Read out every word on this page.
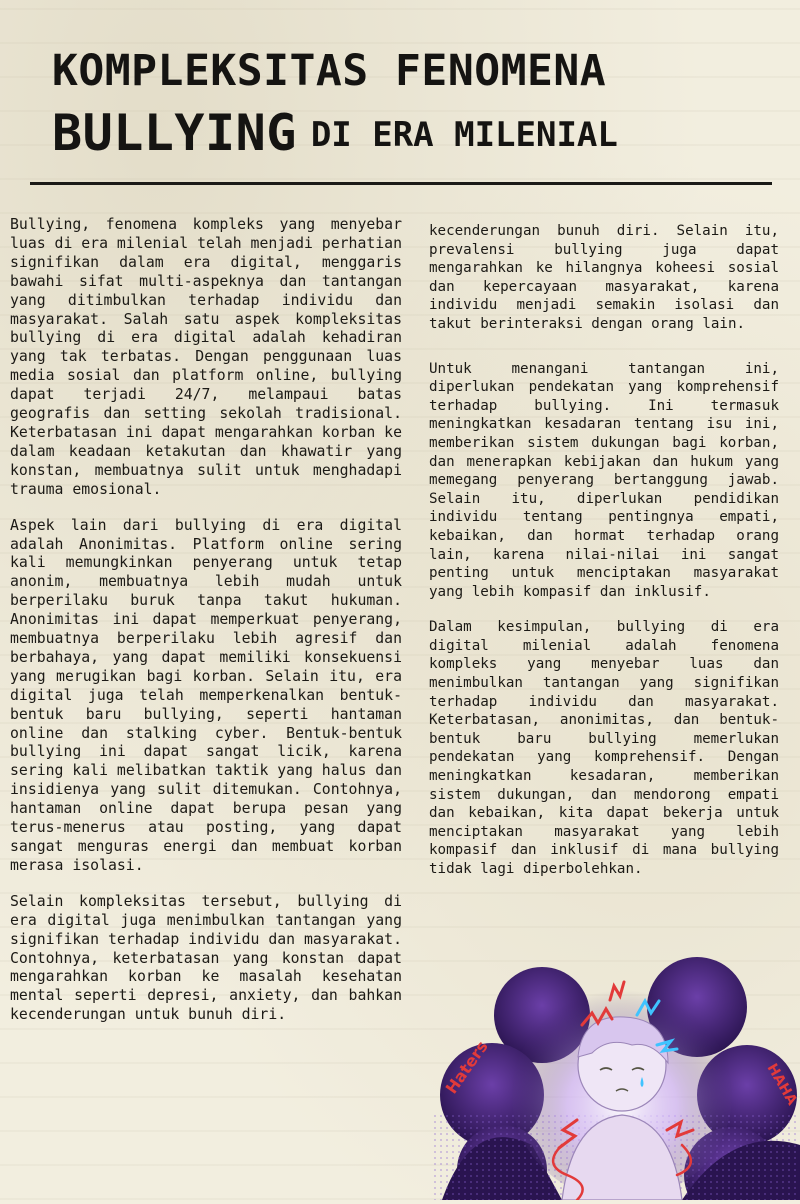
KOMPLEKSITAS FENOMENA
BULLYING DI ERA MILENIAL

Bullying, fenomena kompleks yang menyebar luas di era milenial telah menjadi perhatian signifikan dalam era digital, menggaris bawahi sifat multi-aspeknya dan tantangan yang ditimbulkan terhadap individu dan masyarakat. Salah satu aspek kompleksitas bullying di era digital adalah kehadiran yang tak terbatas. Dengan penggunaan luas media sosial dan platform online, bullying dapat terjadi 24/7, melampaui batas geografis dan setting sekolah tradisional. Keterbatasan ini dapat mengarahkan korban ke dalam keadaan ketakutan dan khawatir yang konstan, membuatnya sulit untuk menghadapi trauma emosional.

Aspek lain dari bullying di era digital adalah Anonimitas. Platform online sering kali memungkinkan penyerang untuk tetap anonim, membuatnya lebih mudah untuk berperilaku buruk tanpa takut hukuman. Anonimitas ini dapat memperkuat penyerang, membuatnya berperilaku lebih agresif dan berbahaya, yang dapat memiliki konsekuensi yang merugikan bagi korban. Selain itu, era digital juga telah memperkenalkan bentuk-bentuk baru bullying, seperti hantaman online dan stalking cyber. Bentuk-bentuk bullying ini dapat sangat licik, karena sering kali melibatkan taktik yang halus dan insidienya yang sulit ditemukan. Contohnya, hantaman online dapat berupa pesan yang terus-menerus atau posting, yang dapat sangat menguras energi dan membuat korban merasa isolasi.

Selain kompleksitas tersebut, bullying di era digital juga menimbulkan tantangan yang signifikan terhadap individu dan masyarakat. Contohnya, keterbatasan yang konstan dapat mengarahkan korban ke masalah kesehatan mental seperti depresi, anxiety, dan bahkan kecenderungan untuk bunuh diri.

kecenderungan bunuh diri. Selain itu, prevalensi bullying juga dapat mengarahkan ke hilangnya koheesi sosial dan kepercayaan masyarakat, karena individu menjadi semakin isolasi dan takut berinteraksi dengan orang lain.

Untuk menangani tantangan ini, diperlukan pendekatan yang komprehensif terhadap bullying. Ini termasuk meningkatkan kesadaran tentang isu ini, memberikan sistem dukungan bagi korban, dan menerapkan kebijakan dan hukum yang memegang penyerang bertanggung jawab. Selain itu, diperlukan pendidikan individu tentang pentingnya empati, kebaikan, dan hormat terhadap orang lain, karena nilai-nilai ini sangat penting untuk menciptakan masyarakat yang lebih kompasif dan inklusif.

Dalam kesimpulan, bullying di era digital milenial adalah fenomena kompleks yang menyebar luas dan menimbulkan tantangan yang signifikan terhadap individu dan masyarakat. Keterbatasan, anonimitas, dan bentuk-bentuk baru bullying memerlukan pendekatan yang komprehensif. Dengan meningkatkan kesadaran, memberikan sistem dukungan, dan mendorong empati dan kebaikan, kita dapat bekerja untuk menciptakan masyarakat yang lebih kompasif dan inklusif di mana bullying tidak lagi diperbolehkan.

Haters	HAHA
